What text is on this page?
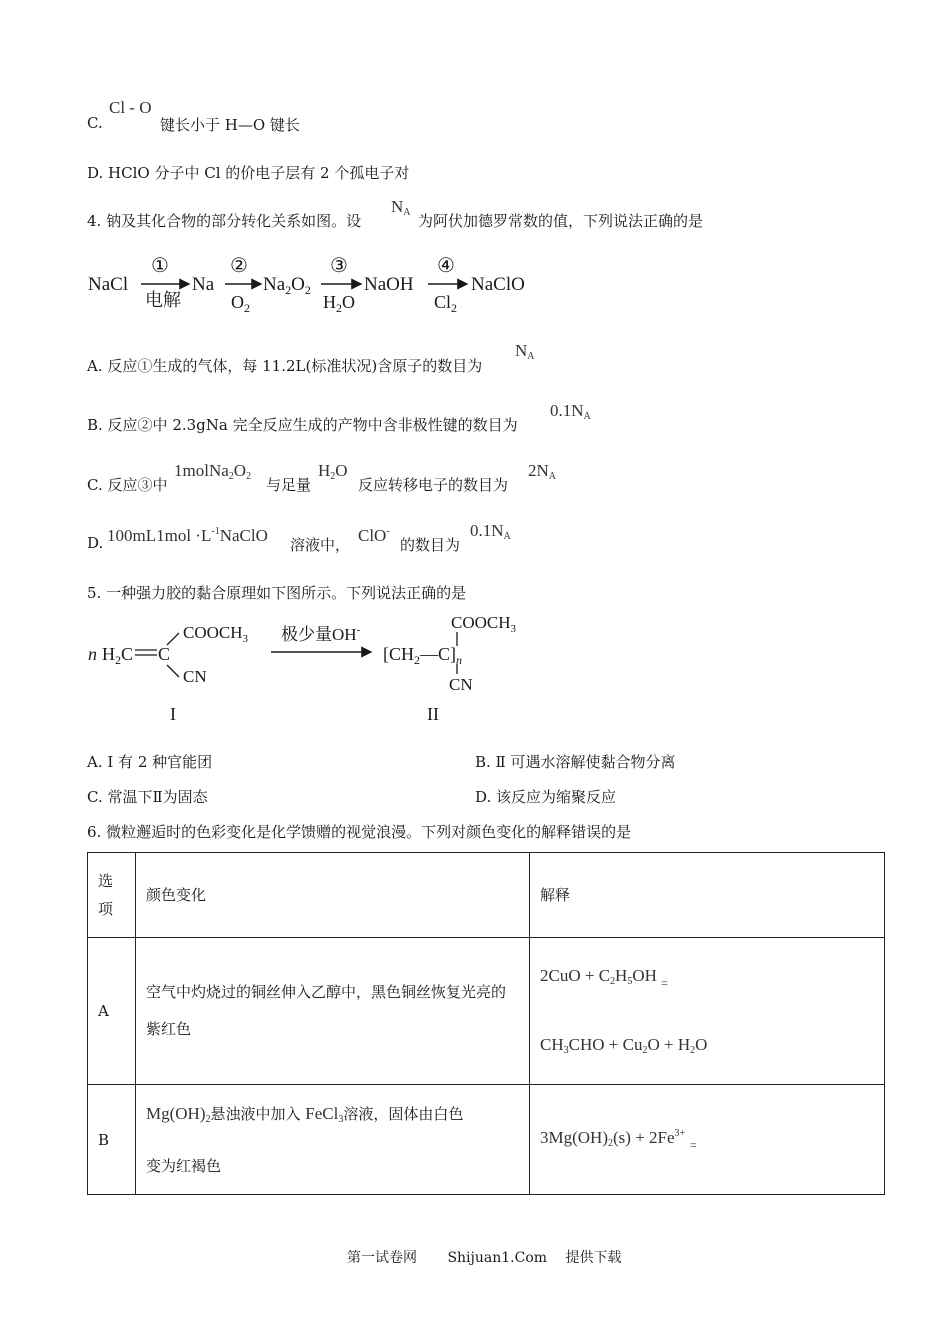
C.
Cl - O
键长小于 H—O 键长
D. HClO 分子中 Cl 的价电子层有 2 个孤电子对
4. 钠及其化合物的部分转化关系如图。设
$N_A$ 为阿伏加德罗常数的值，下列说法正确的是
NaCl
①
电解
Na
②
$O_2$
$Na_2O_2$
③
$H_2O$
NaOH
④
$Cl_2$
NaClO
A. 反应①生成的气体，每 11.2L(标准状况)含原子的数目为
$N_A$
B. 反应②中 2.3gNa 完全反应生成的产物中含非极性键的数目为
$0.1N_A$
C. 反应③中
$1molNa_2O_2$ 与足量
$H_2O$
反应转移电子的数目为
$2N_A$
D. $100mL1mol \cdot L^{-1}NaClO$ 溶液中， ClO-
的数目为
$0.1N_A$
5. 一种强力胶的黏合原理如下图所示。下列说法正确的是
n $H_2C$ C
$COOCH_3$
CN
I
极少量OH-
$[CH_2—C]_n$
$COOCH_3$
CN
II
A. I 有 2 种官能团	B. Ⅱ 可遇水溶解使黏合物分离
C. 常温下Ⅱ为固态	D. 该反应为缩聚反应
6. 微粒邂逅时的色彩变化是化学馈赠的视觉浪漫。下列对颜色变化的解释错误的是
选项	颜色变化	解释
A	空气中灼烧过的铜丝伸入乙醇中，黑色铜丝恢复光亮的紫红色	$2CuO + C_2H_5OH$ $_=$
$CH_3CHO + Cu_2O + H_2O$

B	$Mg(OH)_2$悬浊液中加入 FeCl$_3$溶液，固体由白色
变为红褐色	$3Mg(OH)_2(s) + 2Fe^{3+}$ $_=$
第一试卷网 Shijuan1.Com 提供下载
